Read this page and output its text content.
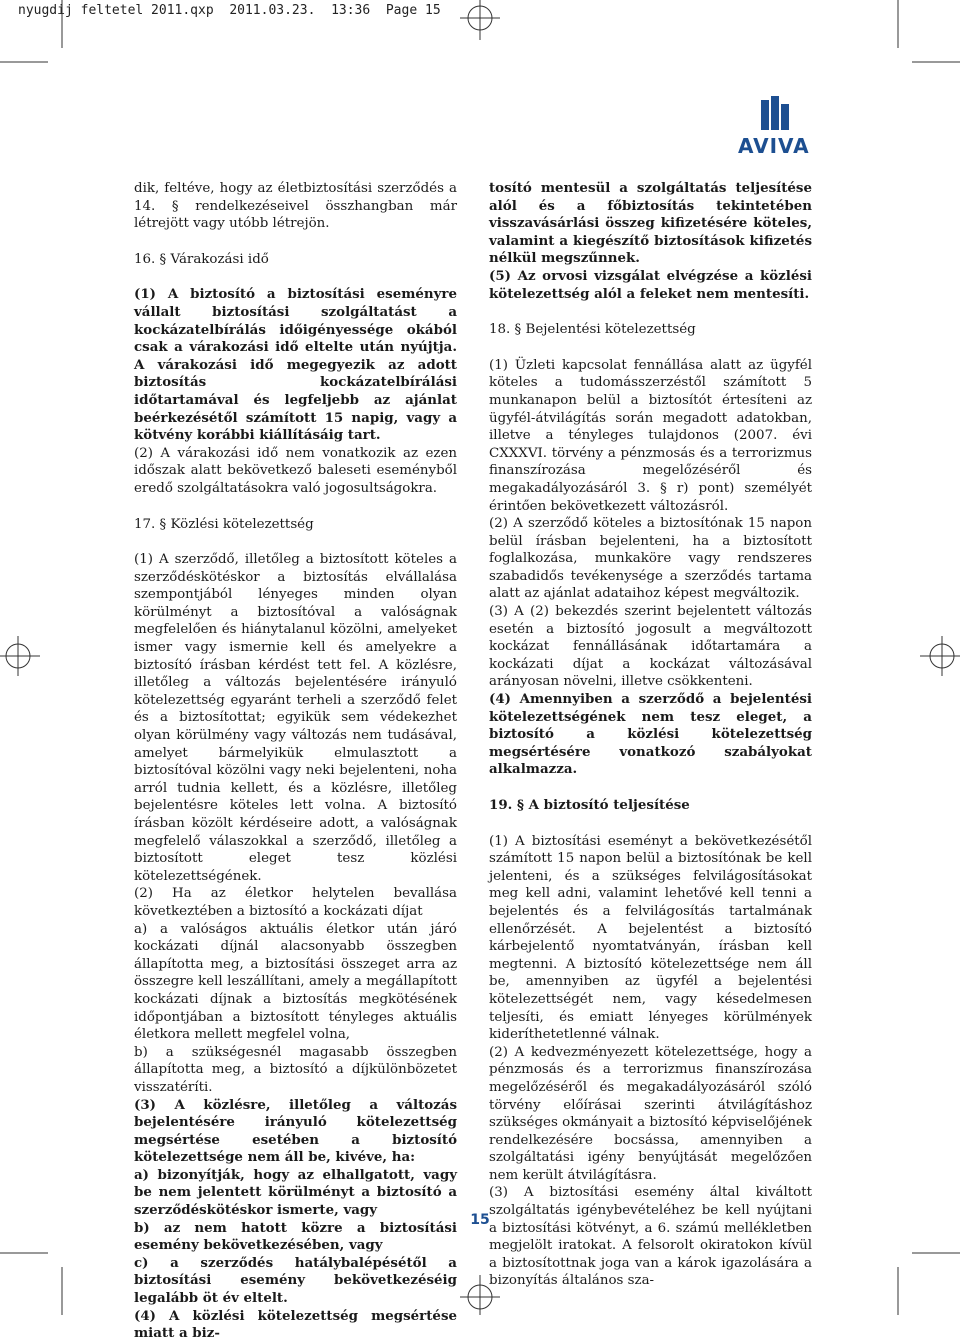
nyugdij feltetel 2011.qxp  2011.03.23.  13:36  Page 15
AVIVA

dik, feltéve, hogy az életbiztosítási szerződés a 14. § rendelkezéseivel összhangban már létrejött vagy utóbb létrejön.

16. § Várakozási idő

(1) A biztosító a biztosítási eseményre vállalt biztosítási szolgáltatást a kockázatelbírálás időigényessége okából csak a várakozási idő eltelte után nyújtja. A várakozási idő megegyezik az adott biztosítás kockázatelbírálási időtartamával és legfeljebb az ajánlat beérkezésétől számított 15 napig, vagy a kötvény korábbi kiállításáig tart.

(2) A várakozási idő nem vonatkozik az ezen időszak alatt bekövetkező baleseti eseményből eredő szolgáltatásokra való jogosultságokra.

17. § Közlési kötelezettség

(1) A szerződő, illetőleg a biztosított köteles a szerződéskötéskor a biztosítás elvállalása szempontjából lényeges minden olyan körülményt a biztosítóval a valóságnak megfelelően és hiánytalanul közölni, amelyeket ismer vagy ismernie kell és amelyekre a biztosító írásban kérdést tett fel. A közlésre, illetőleg a változás bejelentésére irányuló kötelezettség egyaránt terheli a szerződő felet és a biztosítottat; egyikük sem védekezhet olyan körülmény vagy változás nem tudásával, amelyet bármelyikük elmulasztott a biztosítóval közölni vagy neki bejelenteni, noha arról tudnia kellett, és a közlésre, illetőleg bejelentésre köteles lett volna. A biztosító írásban közölt kérdéseire adott, a valóságnak megfelelő válaszokkal a szerződő, illetőleg a biztosított eleget tesz közlési kötelezettségének.

(2) Ha az életkor helytelen bevallása következtében a biztosító a kockázati díjat

a) a valóságos aktuális életkor után járó kockázati díjnál alacsonyabb összegben állapította meg, a biztosítási összeget arra az összegre kell leszállítani, amely a megállapított kockázati díjnak a biztosítás megkötésének időpontjában a biztosított tényleges aktuális életkora mellett megfelel volna,

b) a szükségesnél magasabb összegben állapította meg, a biztosító a díjkülönbözetet visszatéríti.

(3) A közlésre, illetőleg a változás bejelentésére irányuló kötelezettség megsértése esetében a biztosító kötelezettsége nem áll be, kivéve, ha:

a) bizonyítják, hogy az elhallgatott, vagy be nem jelentett körülményt a biztosító a szerződéskötéskor ismerte, vagy

b) az nem hatott közre a biztosítási esemény bekövetkezésében, vagy

c) a szerződés hatálybalépésétől a biztosítási esemény bekövetkezéséig legalább öt év eltelt.

(4) A közlési kötelezettség megsértése miatt a biz-

tosító mentesül a szolgáltatás teljesítése alól és a főbiztosítás tekintetében visszavásárlási összeg kifizetésére köteles, valamint a kiegészítő biztosítások kifizetés nélkül megszűnnek.

(5) Az orvosi vizsgálat elvégzése a közlési kötelezettség alól a feleket nem mentesíti.

18. § Bejelentési kötelezettség

(1) Üzleti kapcsolat fennállása alatt az ügyfél köteles a tudomásszerzéstől számított 5 munkanapon belül a biztosítót értesíteni az ügyfél-átvilágítás során megadott adatokban, illetve a tényleges tulajdonos (2007. évi CXXXVI. törvény a pénzmosás és a terrorizmus finanszírozása megelőzéséről és megakadályozásáról 3. § r) pont) személyét érintően bekövetkezett változásról.

(2) A szerződő köteles a biztosítónak 15 napon belül írásban bejelenteni, ha a biztosított foglalkozása, munkaköre vagy rendszeres szabadidős tevékenysége a szerződés tartama alatt az ajánlat adataihoz képest megváltozik.

(3) A (2) bekezdés szerint bejelentett változás esetén a biztosító jogosult a megváltozott kockázat fennállásának időtartamára a kockázati díjat a kockázat változásával arányosan növelni, illetve csökkenteni.

(4) Amennyiben a szerződő a bejelentési kötelezettségének nem tesz eleget, a biztosító a közlési kötelezettség megsértésére vonatkozó szabályokat alkalmazza.

19. § A biztosító teljesítése

(1) A biztosítási eseményt a bekövetkezésétől számított 15 napon belül a biztosítónak be kell jelenteni, és a szükséges felvilágosításokat meg kell adni, valamint lehetővé kell tenni a bejelentés és a felvilágosítás tartalmának ellenőrzését. A bejelentést a biztosító kárbejelentő nyomtatványán, írásban kell megtenni. A biztosító kötelezettsége nem áll be, amennyiben az ügyfél a bejelentési kötelezettségét nem, vagy késedelmesen teljesíti, és emiatt lényeges körülmények kideríthetetlenné válnak.

(2) A kedvezményezett kötelezettsége, hogy a pénzmosás és a terrorizmus finanszírozása megelőzéséről és megakadályozásáról szóló törvény előírásai szerinti átvilágításhoz szükséges okmányait a biztosító képviselőjének rendelkezésére bocsássa, amennyiben a szolgáltatási igény benyújtását megelőzően nem került átvilágításra.

(3) A biztosítási esemény által kiváltott szolgáltatás igénybevételéhez be kell nyújtani a biztosítási kötvényt, a 6. számú mellékletben megjelölt iratokat. A felsorolt okiratokon kívül a biztosítottnak joga van a károk igazolására a bizonyítás általános sza-

15
